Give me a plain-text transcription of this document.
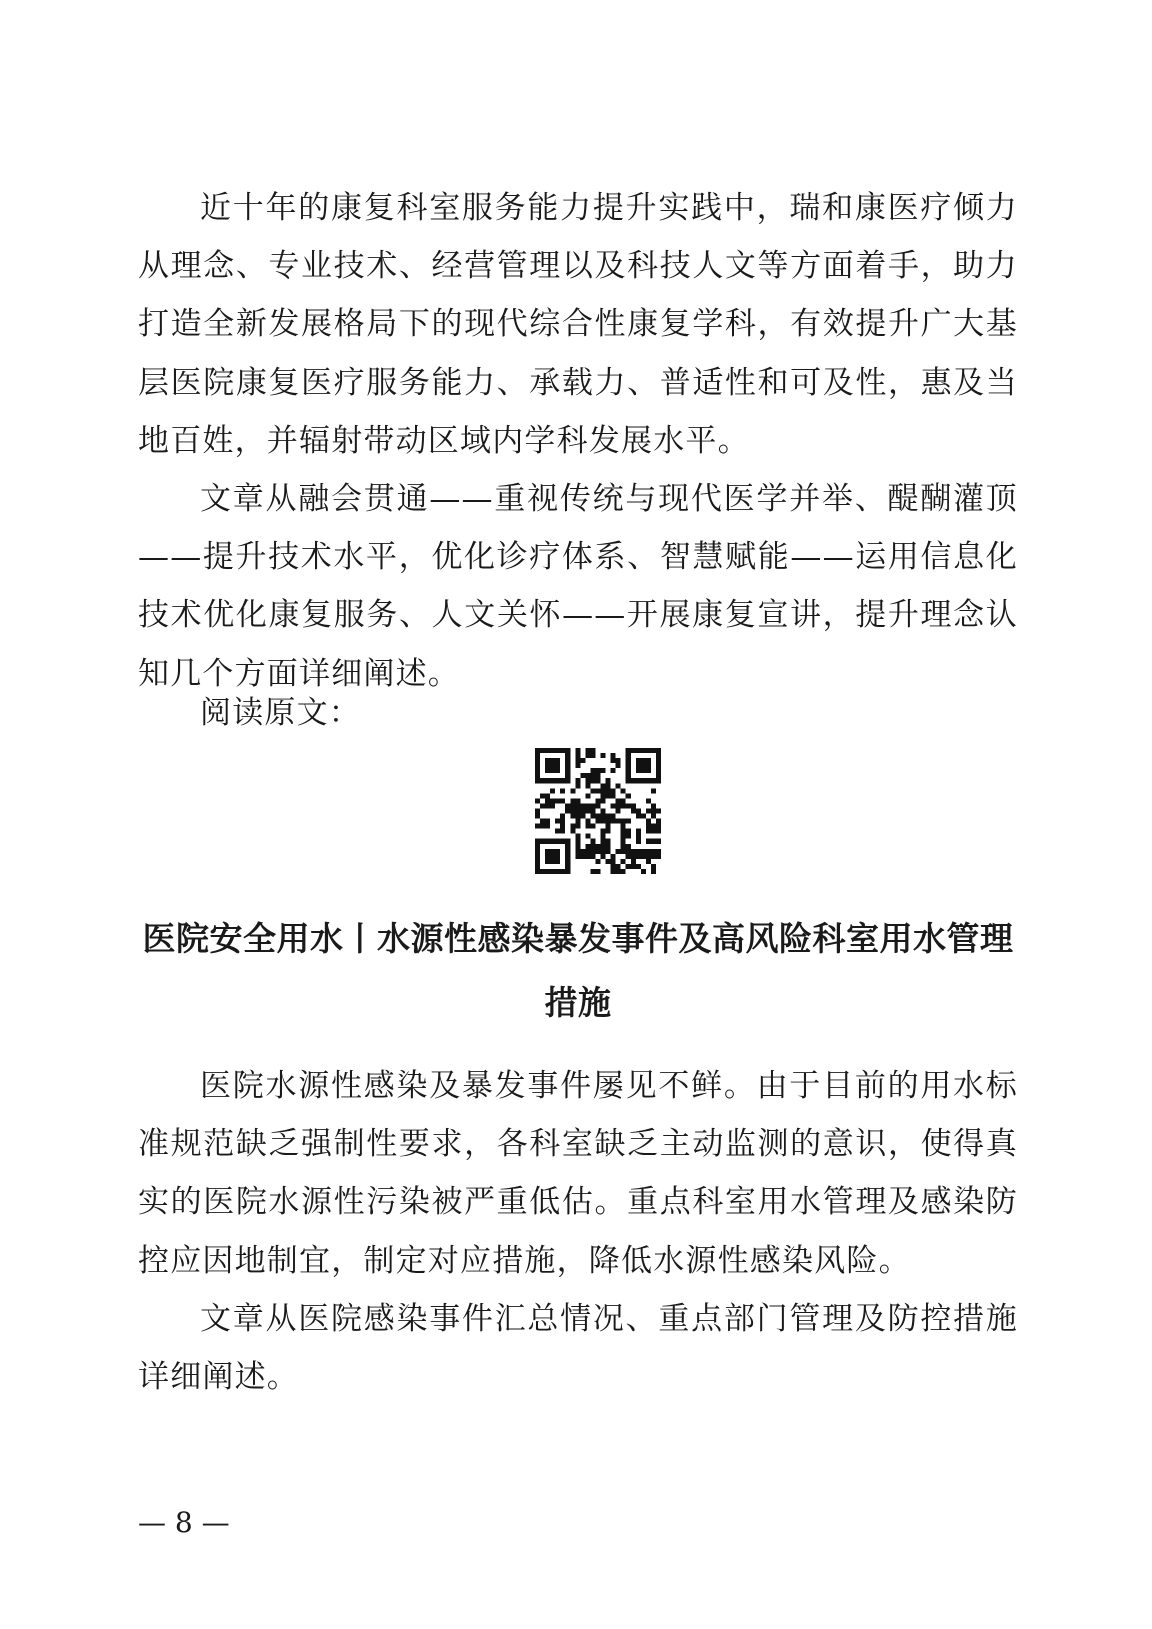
近十年的康复科室服务能力提升实践中，瑞和康医疗倾力从理念、专业技术、经营管理以及科技人文等方面着手，助力打造全新发展格局下的现代综合性康复学科，有效提升广大基层医院康复医疗服务能力、承载力、普适性和可及性，惠及当地百姓，并辐射带动区域内学科发展水平。

文章从融会贯通——重视传统与现代医学并举、醍醐灌顶——提升技术水平，优化诊疗体系、智慧赋能——运用信息化技术优化康复服务、人文关怀——开展康复宣讲，提升理念认知几个方面详细阐述。

阅读原文：

医院安全用水丨水源性感染暴发事件及高风险科室用水管理措施

医院水源性感染及暴发事件屡见不鲜。由于目前的用水标准规范缺乏强制性要求，各科室缺乏主动监测的意识，使得真实的医院水源性污染被严重低估。重点科室用水管理及感染防控应因地制宜，制定对应措施，降低水源性感染风险。

文章从医院感染事件汇总情况、重点部门管理及防控措施详细阐述。

— 8 —
